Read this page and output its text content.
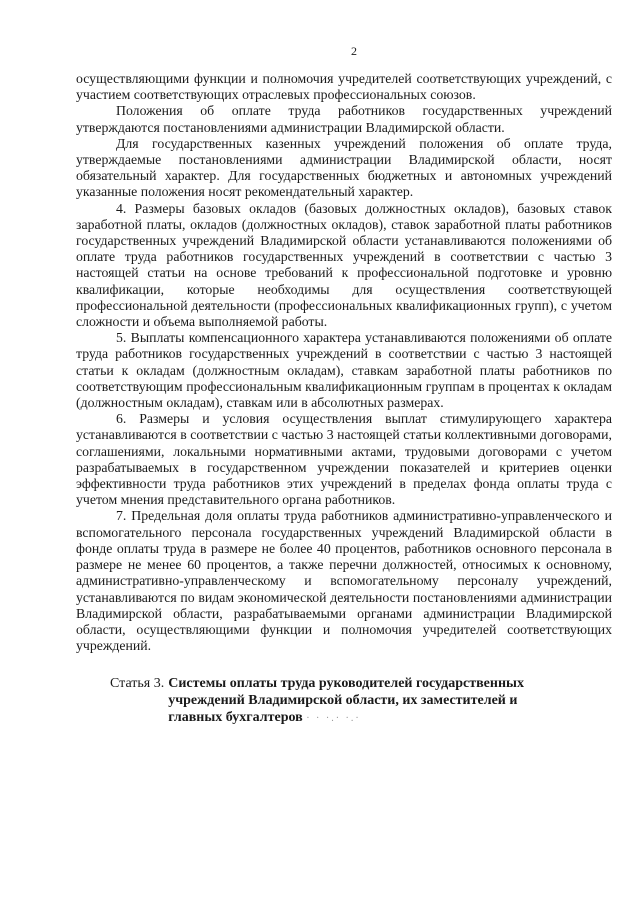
2

осуществляющими функции и полномочия учредителей соответствующих учреждений, с участием соответствующих отраслевых профессиональных союзов.

Положения об оплате труда работников государственных учреждений утверждаются постановлениями администрации Владимирской области.

Для государственных казенных учреждений положения об оплате труда, утверждаемые постановлениями администрации Владимирской области, носят обязательный характер. Для государственных бюджетных и автономных учреждений указанные положения носят рекомендательный характер.

4. Размеры базовых окладов (базовых должностных окладов), базовых ставок заработной платы, окладов (должностных окладов), ставок заработной платы работников государственных учреждений Владимирской области устанавливаются положениями об оплате труда работников государственных учреждений в соответствии с частью 3 настоящей статьи на основе требований к профессиональной подготовке и уровню квалификации, которые необходимы для осуществления соответствующей профессиональной деятельности (профессиональных квалификационных групп), с учетом сложности и объема выполняемой работы.

5. Выплаты компенсационного характера устанавливаются положениями об оплате труда работников государственных учреждений в соответствии с частью 3 настоящей статьи к окладам (должностным окладам), ставкам заработной платы работников по соответствующим профессиональным квалификационным группам в процентах к окладам (должностным окладам), ставкам или в абсолютных размерах.

6. Размеры и условия осуществления выплат стимулирующего характера устанавливаются в соответствии с частью 3 настоящей статьи коллективными договорами, соглашениями, локальными нормативными актами, трудовыми договорами с учетом разрабатываемых в государственном учреждении показателей и критериев оценки эффективности труда работников этих учреждений в пределах фонда оплаты труда с учетом мнения представительного органа работников.

7. Предельная доля оплаты труда работников административно-управленческого и вспомогательного персонала государственных учреждений Владимирской области в фонде оплаты труда в размере не более 40 процентов, работников основного персонала в размере не менее 60 процентов, а также перечни должностей, относимых к основному, административно-управленческому и вспомогательному персоналу учреждений, устанавливаются по видам экономической деятельности постановлениями администрации Владимирской области, разрабатываемыми органами администрации Владимирской области, осуществляющими функции и полномочия учредителей соответствующих учреждений.

Статья 3. Системы оплаты труда руководителей государственных учреждений Владимирской области, их заместителей и главных бухгалтеров · · ·.· ·.·
